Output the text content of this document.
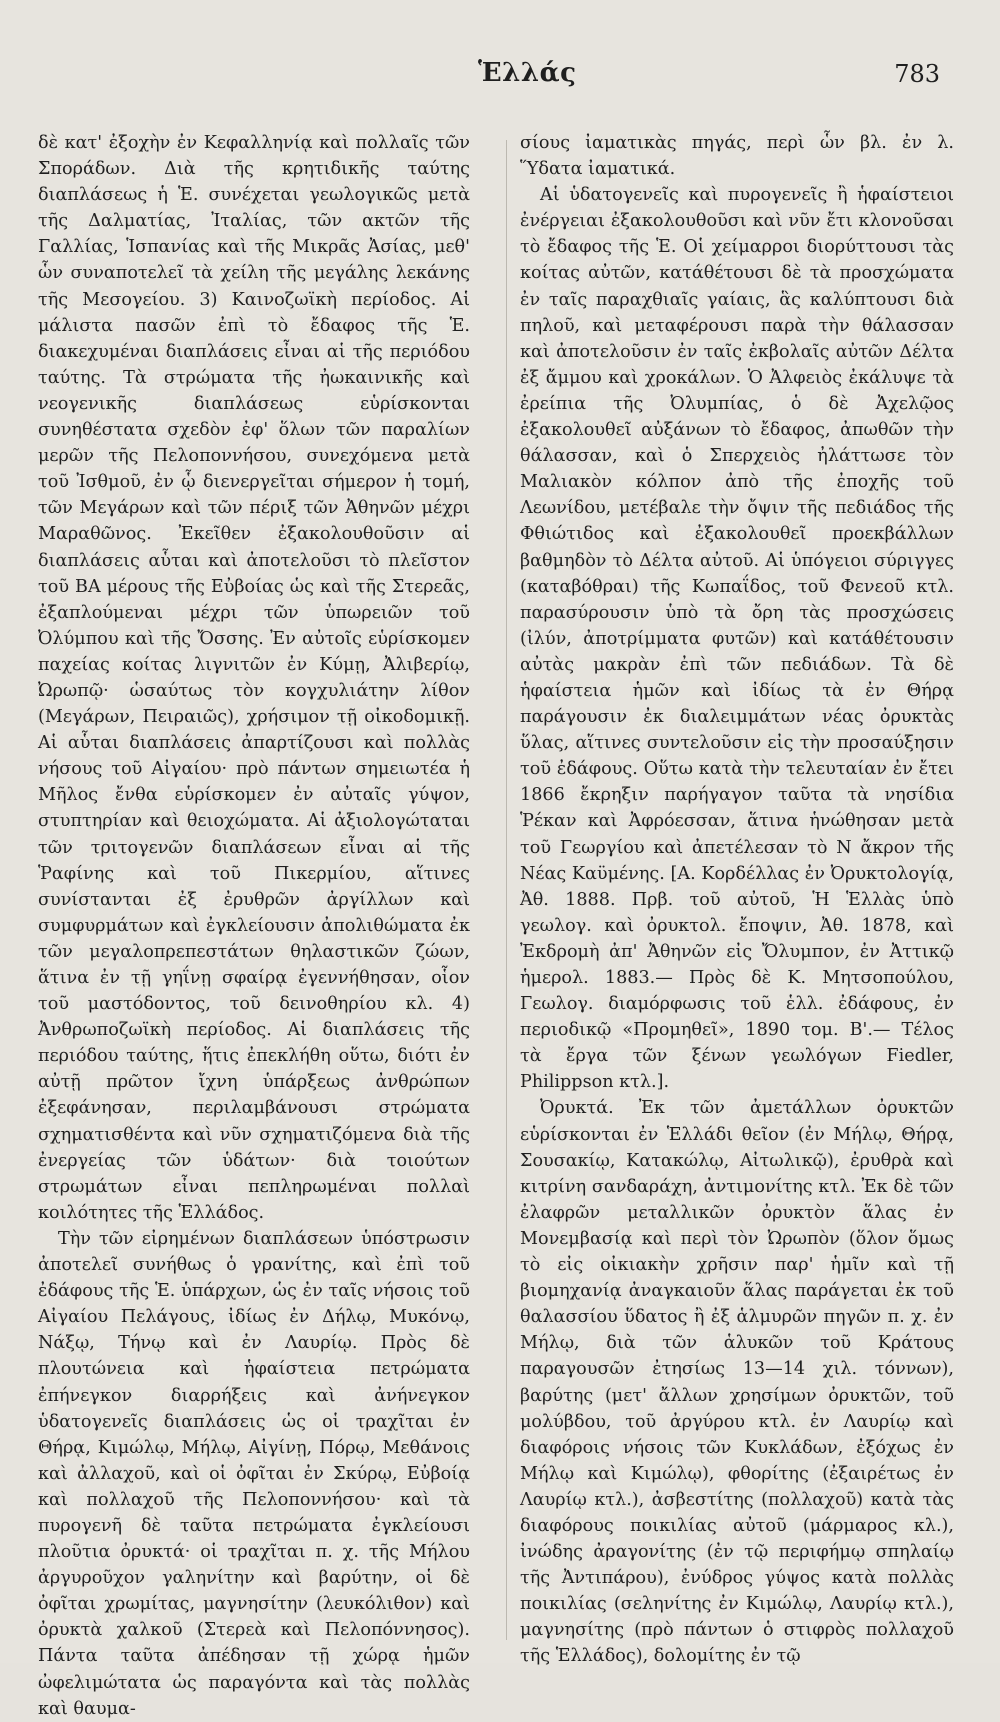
Ἑλλάς	783

δὲ κατ' ἐξοχὴν ἐν Κεφαλληνίᾳ καὶ πολλαῖς τῶν Σποράδων. Διὰ τῆς κρητιδικῆς ταύτης διαπλάσεως ἡ Ἑ. συνέχεται γεωλογικῶς μετὰ τῆς Δαλματίας, Ἰταλίας, τῶν ακτῶν τῆς Γαλλίας, Ἱσπανίας καὶ τῆς Μικρᾶς Ἀσίας, μεθ' ὧν συναποτελεῖ τὰ χείλη τῆς μεγάλης λεκάνης τῆς Μεσογείου. 3) Καινοζωϊκὴ περίοδος. Αἱ μάλιστα πασῶν ἐπὶ τὸ ἔδαφος τῆς Ἑ. διακεχυμέναι διαπλάσεις εἶναι αἱ τῆς περιόδου ταύτης. Τὰ στρώματα τῆς ἠωκαινικῆς καὶ νεογενικῆς διαπλάσεως εὑρίσκονται συνηθέστατα σχεδὸν ἐφ' ὅλων τῶν παραλίων μερῶν τῆς Πελοποννήσου, συνεχόμενα μετὰ τοῦ Ἰσθμοῦ, ἐν ᾧ διενεργεῖται σήμερον ἡ τομή, τῶν Μεγάρων καὶ τῶν πέριξ τῶν Ἀθηνῶν μέχρι Μαραθῶνος. Ἐκεῖθεν ἐξακολουθοῦσιν αἱ διαπλάσεις αὗται καὶ ἀποτελοῦσι τὸ πλεῖστον τοῦ ΒΑ μέρους τῆς Εὐβοίας ὡς καὶ τῆς Στερεᾶς, ἐξαπλούμεναι μέχρι τῶν ὑπωρειῶν τοῦ Ὀλύμπου καὶ τῆς Ὄσσης. Ἐν αὐτοῖς εὑρίσκομεν παχείας κοίτας λιγνιτῶν ἐν Κύμῃ, Ἀλιβερίῳ, Ὠρωπῷ· ὡσαύτως τὸν κογχυλιάτην λίθον (Μεγάρων, Πειραιῶς), χρήσιμον τῇ οἰκοδομικῇ. Αἱ αὗται διαπλάσεις ἀπαρτίζουσι καὶ πολλὰς νήσους τοῦ Αἰγαίου· πρὸ πάντων σημειωτέα ἡ Μῆλος ἔνθα εὑρίσκομεν ἐν αὐταῖς γύψον, στυπτηρίαν καὶ θειοχώματα. Αἱ ἀξιολογώταται τῶν τριτογενῶν διαπλάσεων εἶναι αἱ τῆς Ῥαφίνης καὶ τοῦ Πικερμίου, αἵτινες συνίστανται ἐξ ἐρυθρῶν ἀργίλλων καὶ συμφυρμάτων καὶ ἐγκλείουσιν ἀπολιθώματα ἐκ τῶν μεγαλοπρεπεστάτων θηλαστικῶν ζώων, ἅτινα ἐν τῇ γηΐνῃ σφαίρᾳ ἐγεννήθησαν, οἷον τοῦ μαστόδοντος, τοῦ δεινοθηρίου κλ. 4) Ἀνθρωποζωϊκὴ περίοδος. Αἱ διαπλάσεις τῆς περιόδου ταύτης, ἥτις ἐπεκλήθη οὕτω, διότι ἐν αὐτῇ πρῶτον ἴχνη ὑπάρξεως ἀνθρώπων ἐξεφάνησαν, περιλαμβάνουσι στρώματα σχηματισθέντα καὶ νῦν σχηματιζόμενα διὰ τῆς ἐνεργείας τῶν ὑδάτων· διὰ τοιούτων στρωμάτων εἶναι πεπληρωμέναι πολλαὶ κοιλότητες τῆς Ἑλλάδος.

Τὴν τῶν εἰρημένων διαπλάσεων ὑπόστρωσιν ἀποτελεῖ συνήθως ὁ γρανίτης, καὶ ἐπὶ τοῦ ἐδάφους τῆς Ἑ. ὑπάρχων, ὡς ἐν ταῖς νήσοις τοῦ Αἰγαίου Πελάγους, ἰδίως ἐν Δήλῳ, Μυκόνῳ, Νάξῳ, Τήνῳ καὶ ἐν Λαυρίῳ. Πρὸς δὲ πλουτώνεια καὶ ἡφαίστεια πετρώματα ἐπήνεγκον διαρρήξεις καὶ ἀνήνεγκον ὑδατογενεῖς διαπλάσεις ὡς οἱ τραχῖται ἐν Θήρᾳ, Κιμώλῳ, Μήλῳ, Αἰγίνῃ, Πόρῳ, Μεθάνοις καὶ ἀλλαχοῦ, καὶ οἱ ὀφῖται ἐν Σκύρῳ, Εὐβοίᾳ καὶ πολλαχοῦ τῆς Πελοποννήσου· καὶ τὰ πυρογενῆ δὲ ταῦτα πετρώματα ἐγκλείουσι πλοῦτια ὀρυκτά· οἱ τραχῖται π. χ. τῆς Μήλου ἀργυροῦχον γαληνίτην καὶ βαρύτην, οἱ δὲ ὀφῖται χρωμίτας, μαγνησίτην (λευκόλιθον) καὶ ὀρυκτὰ χαλκοῦ (Στερεὰ καὶ Πελοπόννησος). Πάντα ταῦτα ἀπέδησαν τῇ χώρᾳ ἡμῶν ὠφελιμώτατα ὡς παραγόντα καὶ τὰς πολλὰς καὶ θαυμα-

σίους ἰαματικὰς πηγάς, περὶ ὧν βλ. ἐν λ. Ὕδατα ἰαματικά.

Αἱ ὑδατογενεῖς καὶ πυρογενεῖς ἢ ἡφαίστειοι ἐνέργειαι ἐξακολουθοῦσι καὶ νῦν ἔτι κλονοῦσαι τὸ ἔδαφος τῆς Ἑ. Οἱ χείμαρροι διορύττουσι τὰς κοίτας αὐτῶν, κατάθέτουσι δὲ τὰ προσχώματα ἐν ταῖς παραχθιαῖς γαίαις, ἃς καλύπτουσι διὰ πηλοῦ, καὶ μεταφέρουσι παρὰ τὴν θάλασσαν καὶ ἀποτελοῦσιν ἐν ταῖς ἐκβολαῖς αὐτῶν Δέλτα ἐξ ἄμμου καὶ χροκάλων. Ὁ Ἀλφειὸς ἐκάλυψε τὰ ἐρείπια τῆς Ὀλυμπίας, ὁ δὲ Ἀχελῷος ἐξακολουθεῖ αὐξάνων τὸ ἔδαφος, ἀπωθῶν τὴν θάλασσαν, καὶ ὁ Σπερχειὸς ἠλάττωσε τὸν Μαλιακὸν κόλπον ἀπὸ τῆς ἐποχῆς τοῦ Λεωνίδου, μετέβαλε τὴν ὄψιν τῆς πεδιάδος τῆς Φθιώτιδος καὶ ἐξακολουθεῖ προεκβάλλων βαθμηδὸν τὸ Δέλτα αὐτοῦ. Αἱ ὑπόγειοι σύριγγες (καταβόθραι) τῆς Κωπαΐδος, τοῦ Φενεοῦ κτλ. παρασύρουσιν ὑπὸ τὰ ὄρη τὰς προσχώσεις (ἰλύν, ἀποτρίμματα φυτῶν) καὶ κατάθέτουσιν αὐτὰς μακρὰν ἐπὶ τῶν πεδιάδων. Τὰ δὲ ἡφαίστεια ἡμῶν καὶ ἰδίως τὰ ἐν Θήρᾳ παράγουσιν ἐκ διαλειμμάτων νέας ὀρυκτὰς ὕλας, αἵτινες συντελοῦσιν εἰς τὴν προσαύξησιν τοῦ ἐδάφους. Οὕτω κατὰ τὴν τελευταίαν ἐν ἔτει 1866 ἔκρηξιν παρήγαγον ταῦτα τὰ νησίδια Ῥέκαν καὶ Ἀφρόεσσαν, ἅτινα ἡνώθησαν μετὰ τοῦ Γεωργίου καὶ ἀπετέλεσαν τὸ Ν ἄκρον τῆς Νέας Καϋμένης. [Α. Κορδέλλας ἐν Ὀρυκτολογίᾳ, Ἀθ. 1888. Πρβ. τοῦ αὐτοῦ, Ἡ Ἑλλὰς ὑπὸ γεωλογ. καὶ ὀρυκτολ. ἔποψιν, Ἀθ. 1878, καὶ Ἐκδρομὴ ἀπ' Ἀθηνῶν εἰς Ὄλυμπον, ἐν Ἀττικῷ ἡμερολ. 1883.— Πρὸς δὲ Κ. Μητσοπούλου, Γεωλογ. διαμόρφωσις τοῦ ἑλλ. ἐδάφους, ἐν περιοδικῷ «Προμηθεῖ», 1890 τομ. Β'.— Τέλος τὰ ἔργα τῶν ξένων γεωλόγων Fiedler, Philippson κτλ.].

Ὀρυκτά. Ἐκ τῶν ἀμετάλλων ὀρυκτῶν εὑρίσκονται ἐν Ἑλλάδι θεῖον (ἐν Μήλῳ, Θήρᾳ, Σουσακίῳ, Κατακώλῳ, Αἰτωλικῷ), ἐρυθρὰ καὶ κιτρίνη σανδαράχη, ἀντιμονίτης κτλ. Ἐκ δὲ τῶν ἐλαφρῶν μεταλλικῶν ὀρυκτὸν ἅλας ἐν Μονεμβασίᾳ καὶ περὶ τὸν Ὠρωπὸν (ὅλον ὅμως τὸ εἰς οἰκιακὴν χρῆσιν παρ' ἡμῖν καὶ τῇ βιομηχανίᾳ ἀναγκαιοῦν ἅλας παράγεται ἐκ τοῦ θαλασσίου ὕδατος ἢ ἐξ ἁλμυρῶν πηγῶν π. χ. ἐν Μήλῳ, διὰ τῶν ἁλυκῶν τοῦ Κράτους παραγουσῶν ἐτησίως 13—14 χιλ. τόννων), βαρύτης (μετ' ἄλλων χρησίμων ὀρυκτῶν, τοῦ μολύβδου, τοῦ ἀργύρου κτλ. ἐν Λαυρίῳ καὶ διαφόροις νήσοις τῶν Κυκλάδων, ἐξόχως ἐν Μήλῳ καὶ Κιμώλῳ), φθορίτης (ἐξαιρέτως ἐν Λαυρίῳ κτλ.), ἀσβεστίτης (πολλαχοῦ) κατὰ τὰς διαφόρους ποικιλίας αὐτοῦ (μάρμαρος κλ.), ἰνώδης ἀραγονίτης (ἐν τῷ περιφήμῳ σπηλαίῳ τῆς Ἀντιπάρου), ἐνύδρος γύψος κατὰ πολλὰς ποικιλίας (σεληνίτης ἐν Κιμώλῳ, Λαυρίῳ κτλ.), μαγνησίτης (πρὸ πάντων ὁ στιφρὸς πολλαχοῦ τῆς Ἑλλάδος), δολομίτης ἐν τῷ
